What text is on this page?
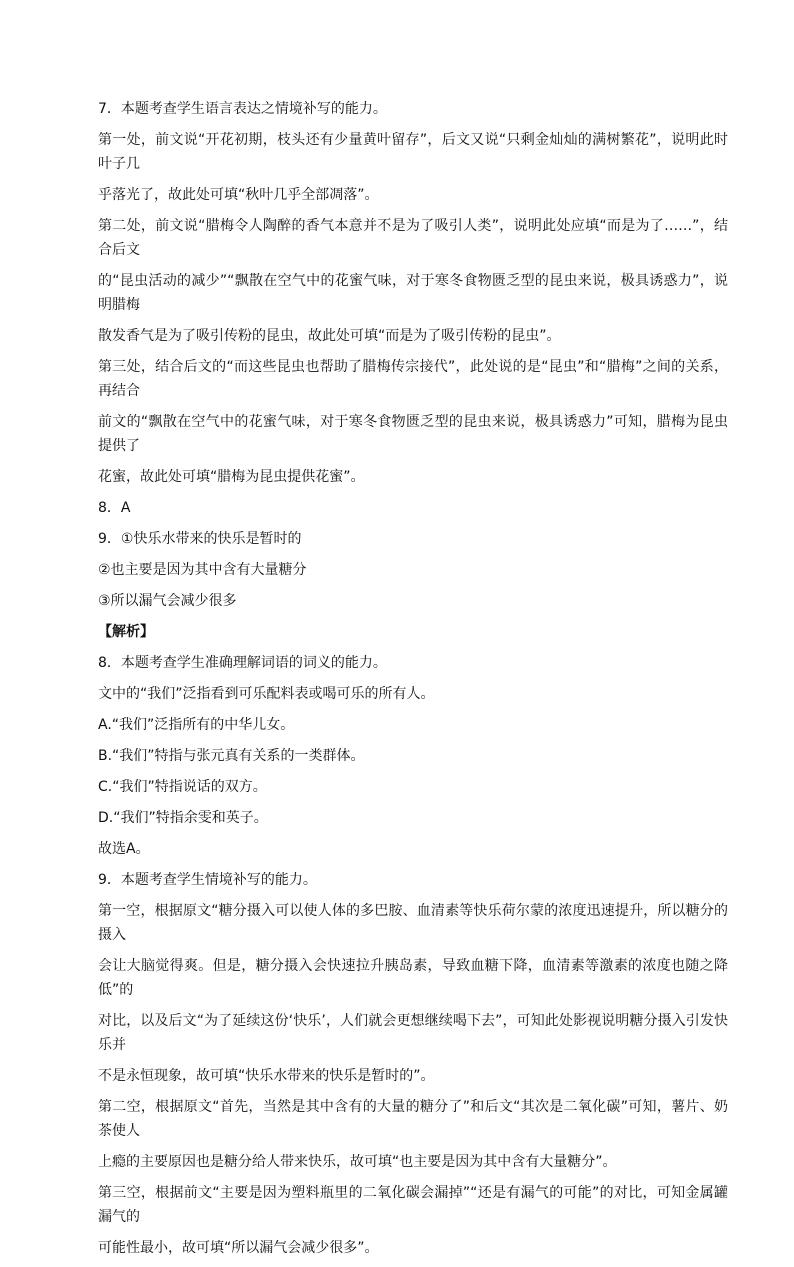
7．本题考查学生语言表达之情境补写的能力。

第一处，前文说“开花初期，枝头还有少量黄叶留存”，后文又说“只剩金灿灿的满树繁花”，说明此时叶子几

乎落光了，故此处可填“秋叶几乎全部凋落”。

第二处，前文说“腊梅令人陶醉的香气本意并不是为了吸引人类”，说明此处应填“而是为了……”，结合后文

的“昆虫活动的减少”“飘散在空气中的花蜜气味，对于寒冬食物匮乏型的昆虫来说，极具诱惑力”，说明腊梅

散发香气是为了吸引传粉的昆虫，故此处可填“而是为了吸引传粉的昆虫”。

第三处，结合后文的“而这些昆虫也帮助了腊梅传宗接代”，此处说的是“昆虫”和“腊梅”之间的关系，再结合

前文的“飘散在空气中的花蜜气味，对于寒冬食物匮乏型的昆虫来说，极具诱惑力”可知，腊梅为昆虫提供了

花蜜，故此处可填“腊梅为昆虫提供花蜜”。

8．A

9．①快乐水带来的快乐是暂时的

②也主要是因为其中含有大量糖分

③所以漏气会减少很多

【解析】

8．本题考查学生准确理解词语的词义的能力。

文中的“我们”泛指看到可乐配料表或喝可乐的所有人。

A.“我们”泛指所有的中华儿女。

B.“我们”特指与张元真有关系的一类群体。

C.“我们”特指说话的双方。

D.“我们”特指余雯和英子。

故选A。

9．本题考查学生情境补写的能力。

第一空，根据原文“糖分摄入可以使人体的多巴胺、血清素等快乐荷尔蒙的浓度迅速提升，所以糖分的摄入

会让大脑觉得爽。但是，糖分摄入会快速拉升胰岛素，导致血糖下降，血清素等激素的浓度也随之降低”的

对比，以及后文“为了延续这份‘快乐’，人们就会更想继续喝下去”，可知此处影视说明糖分摄入引发快乐并

不是永恒现象，故可填“快乐水带来的快乐是暂时的”。

第二空，根据原文“首先，当然是其中含有的大量的糖分了”和后文“其次是二氧化碳”可知，薯片、奶茶使人

上瘾的主要原因也是糖分给人带来快乐，故可填“也主要是因为其中含有大量糖分”。

第三空，根据前文“主要是因为塑料瓶里的二氧化碳会漏掉”“还是有漏气的可能”的对比，可知金属罐漏气的

可能性最小，故可填“所以漏气会减少很多”。
